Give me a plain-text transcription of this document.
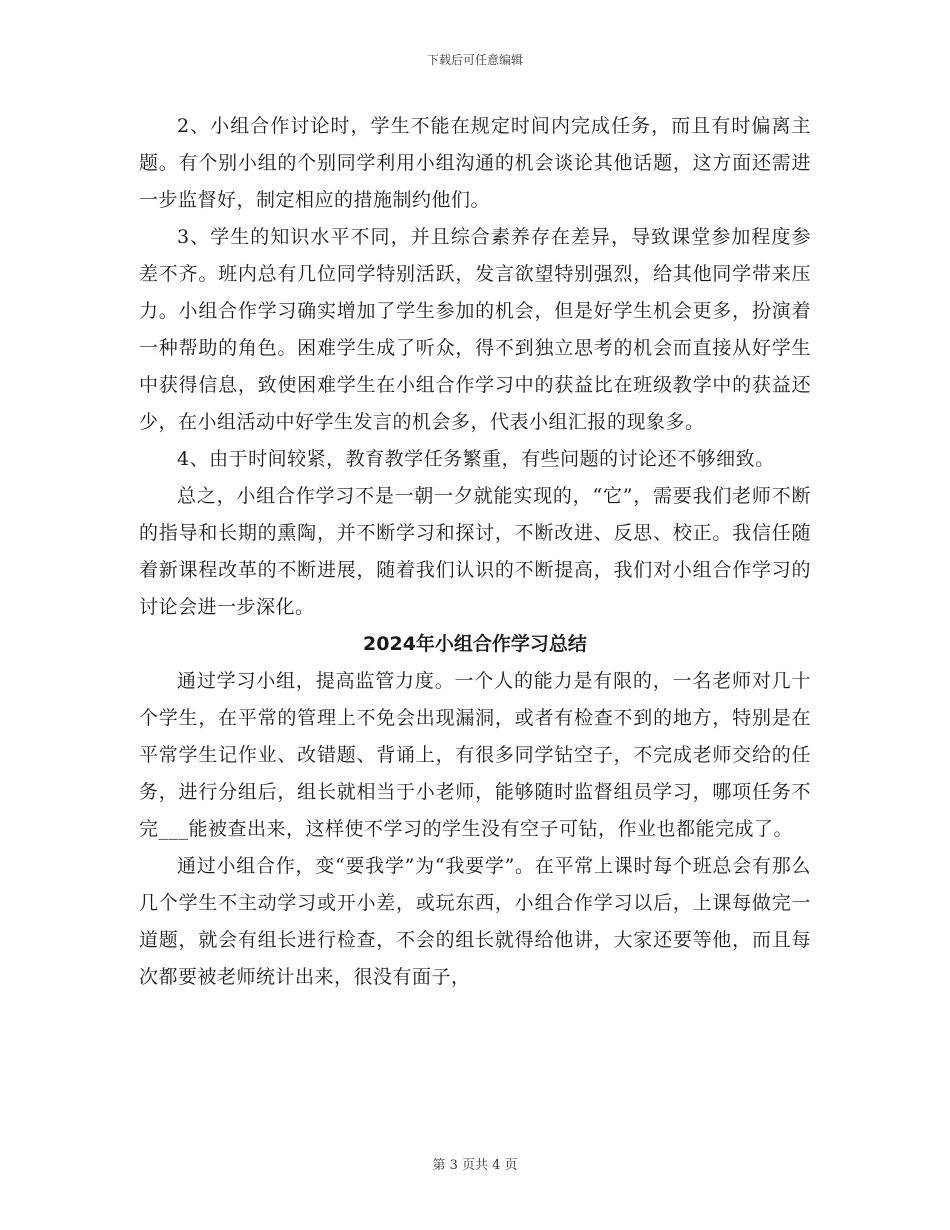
下载后可任意编辑

2、小组合作讨论时，学生不能在规定时间内完成任务，而且有时偏离主题。有个别小组的个别同学利用小组沟通的机会谈论其他话题，这方面还需进一步监督好，制定相应的措施制约他们。

3、学生的知识水平不同，并且综合素养存在差异，导致课堂参加程度参差不齐。班内总有几位同学特别活跃，发言欲望特别强烈，给其他同学带来压力。小组合作学习确实增加了学生参加的机会，但是好学生机会更多，扮演着一种帮助的角色。困难学生成了听众，得不到独立思考的机会而直接从好学生中获得信息，致使困难学生在小组合作学习中的获益比在班级教学中的获益还少，在小组活动中好学生发言的机会多，代表小组汇报的现象多。

4、由于时间较紧，教育教学任务繁重，有些问题的讨论还不够细致。

总之，小组合作学习不是一朝一夕就能实现的，“它”，需要我们老师不断的指导和长期的熏陶，并不断学习和探讨，不断改进、反思、校正。我信任随着新课程改革的不断进展，随着我们认识的不断提高，我们对小组合作学习的讨论会进一步深化。

2024年小组合作学习总结

通过学习小组，提高监管力度。一个人的能力是有限的，一名老师对几十个学生，在平常的管理上不免会出现漏洞，或者有检查不到的地方，特别是在平常学生记作业、改错题、背诵上，有很多同学钻空子，不完成老师交给的任务，进行分组后，组长就相当于小老师，能够随时监督组员学习，哪项任务不完___能被查出来，这样使不学习的学生没有空子可钻，作业也都能完成了。

通过小组合作，变“要我学”为“我要学”。在平常上课时每个班总会有那么几个学生不主动学习或开小差，或玩东西，小组合作学习以后，上课每做完一道题，就会有组长进行检查，不会的组长就得给他讲，大家还要等他，而且每次都要被老师统计出来，很没有面子，

第 3 页共 4 页
